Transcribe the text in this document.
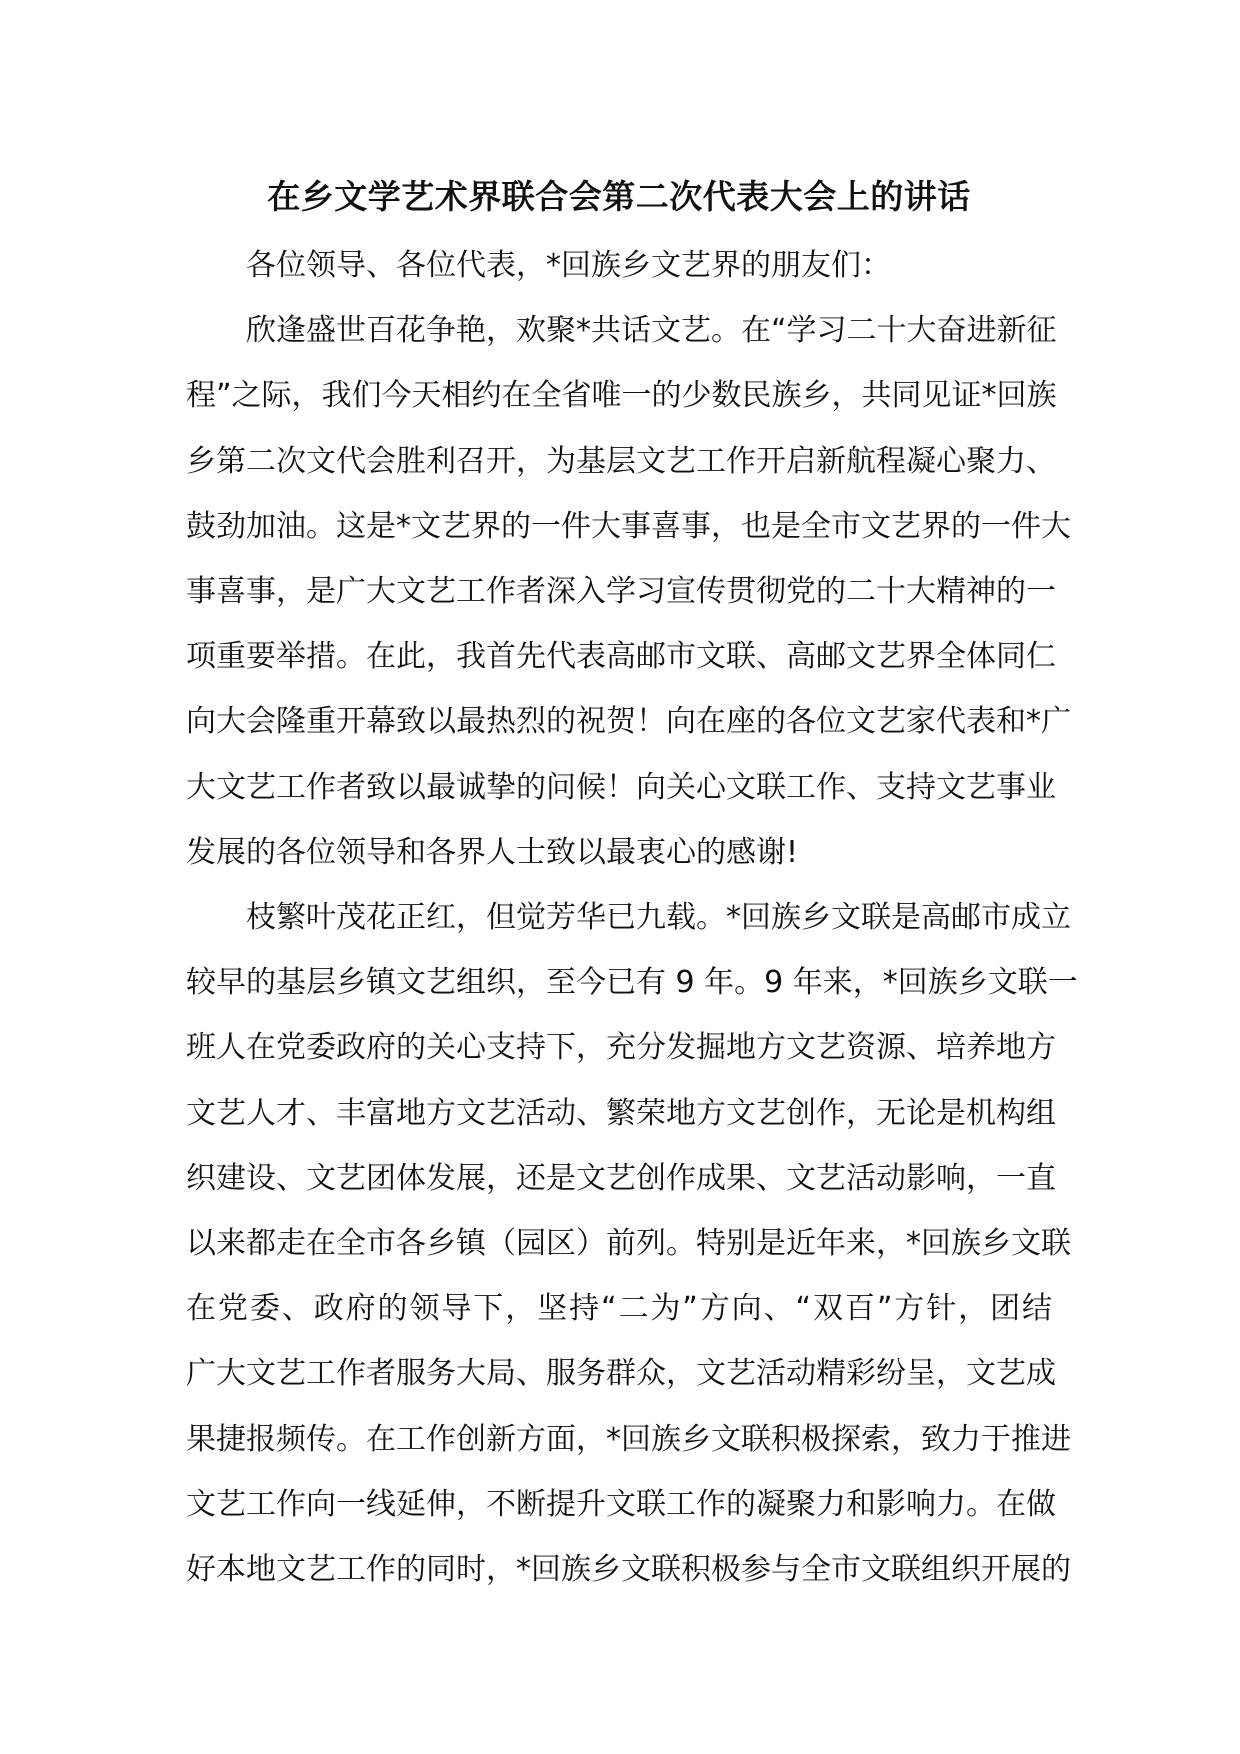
在乡文学艺术界联合会第二次代表大会上的讲话

各位领导、各位代表，*回族乡文艺界的朋友们：

欣逢盛世百花争艳，欢聚*共话文艺。在“学习二十大奋进新征
程”之际，我们今天相约在全省唯一的少数民族乡，共同见证*回族
乡第二次文代会胜利召开，为基层文艺工作开启新航程凝心聚力、
鼓劲加油。这是*文艺界的一件大事喜事，也是全市文艺界的一件大
事喜事，是广大文艺工作者深入学习宣传贯彻党的二十大精神的一
项重要举措。在此，我首先代表高邮市文联、高邮文艺界全体同仁
向大会隆重开幕致以最热烈的祝贺！向在座的各位文艺家代表和*广
大文艺工作者致以最诚挚的问候！向关心文联工作、支持文艺事业
发展的各位领导和各界人士致以最衷心的感谢!

枝繁叶茂花正红，但觉芳华已九载。*回族乡文联是高邮市成立
较早的基层乡镇文艺组织，至今已有 9 年。9 年来，*回族乡文联一
班人在党委政府的关心支持下，充分发掘地方文艺资源、培养地方
文艺人才、丰富地方文艺活动、繁荣地方文艺创作，无论是机构组
织建设、文艺团体发展，还是文艺创作成果、文艺活动影响，一直
以来都走在全市各乡镇（园区）前列。特别是近年来，*回族乡文联
在党委、政府的领导下，坚持“二为”方向、“双百”方针，团结
广大文艺工作者服务大局、服务群众，文艺活动精彩纷呈，文艺成
果捷报频传。在工作创新方面，*回族乡文联积极探索，致力于推进
文艺工作向一线延伸，不断提升文联工作的凝聚力和影响力。在做
好本地文艺工作的同时，*回族乡文联积极参与全市文联组织开展的
